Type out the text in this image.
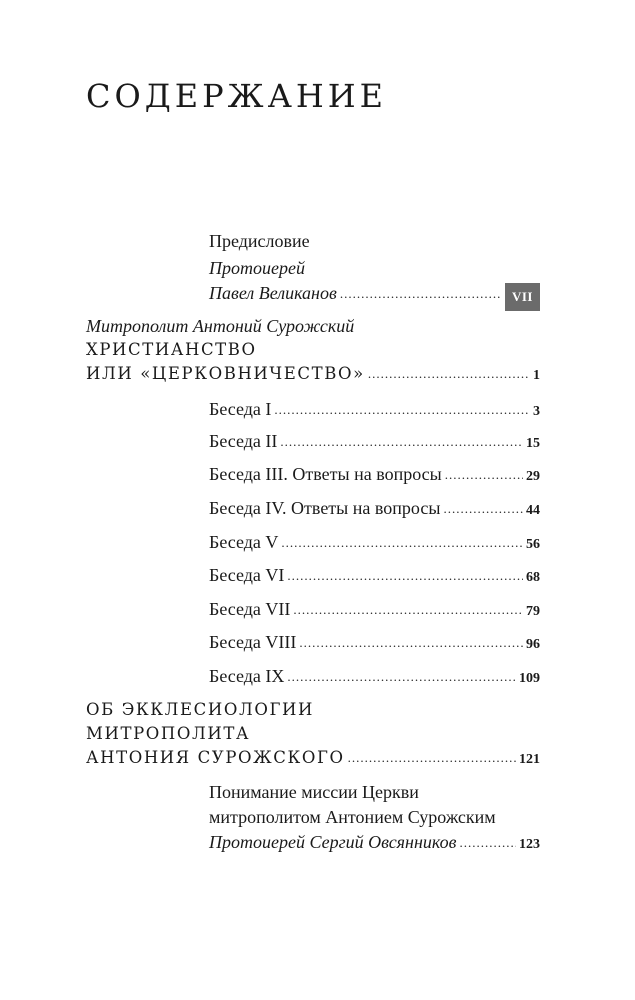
СОДЕРЖАНИЕ
Предисловие
Протоиерей
Павел Великанов .....	VII
Митрополит Антоний Сурожский
ХРИСТИАНСТВО
ИЛИ «ЦЕРКОВНИЧЕСТВО» .....	1
Беседа I .....	3
Беседа II .....	15
Беседа III. Ответы на вопросы .....	29
Беседа IV. Ответы на вопросы .....	44
Беседа V .....	56
Беседа VI .....	68
Беседа VII .....	79
Беседа VIII .....	96
Беседа IX .....	109
ОБ ЭККЛЕСИОЛОГИИ
МИТРОПОЛИТА
АНТОНИЯ СУРОЖСКОГО .....	121
Понимание миссии Церкви
митрополитом Антонием Сурожским
Протоиерей Сергий Овсянников .....	123
